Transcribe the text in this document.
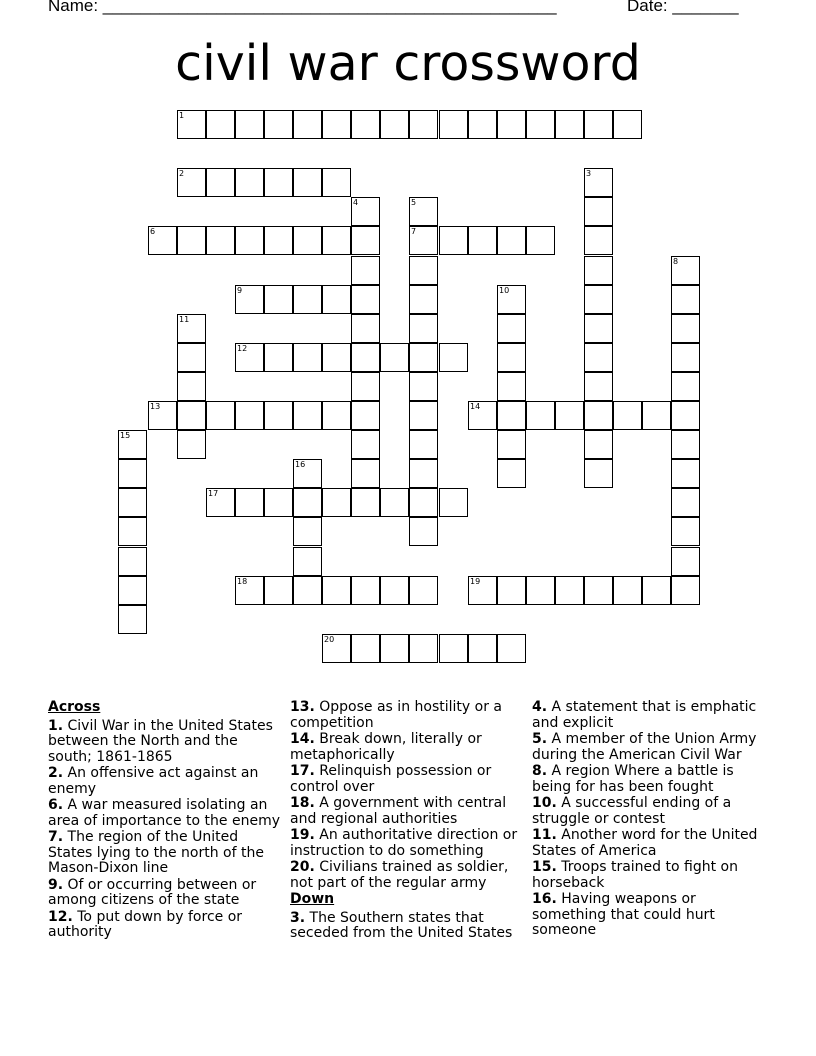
Name: ________________________________________________	Date: _______
civil war crossword
1
2	3
4	5
7
6
8
9	10
11
12
13	14
15
16
17
18	19
20
Across
1. Civil War in the United States between the North and the south; 1861-1865
2. An offensive act against an enemy
6. A war measured isolating an area of importance to the enemy
7. The region of the United States lying to the north of the Mason-Dixon line
9. Of or occurring between or among citizens of the state
12. To put down by force or authority
13. Oppose as in hostility or a competition
14. Break down, literally or metaphorically
17. Relinquish possession or control over
18. A government with central and regional authorities
19. An authoritative direction or instruction to do something
20. Civilians trained as soldier, not part of the regular army
Down
3. The Southern states that seceded from the United States
4. A statement that is emphatic and explicit
5. A member of the Union Army during the American Civil War
8. A region Where a battle is being for has been fought
10. A successful ending of a struggle or contest
11. Another word for the United States of America
15. Troops trained to fight on horseback
16. Having weapons or something that could hurt someone
